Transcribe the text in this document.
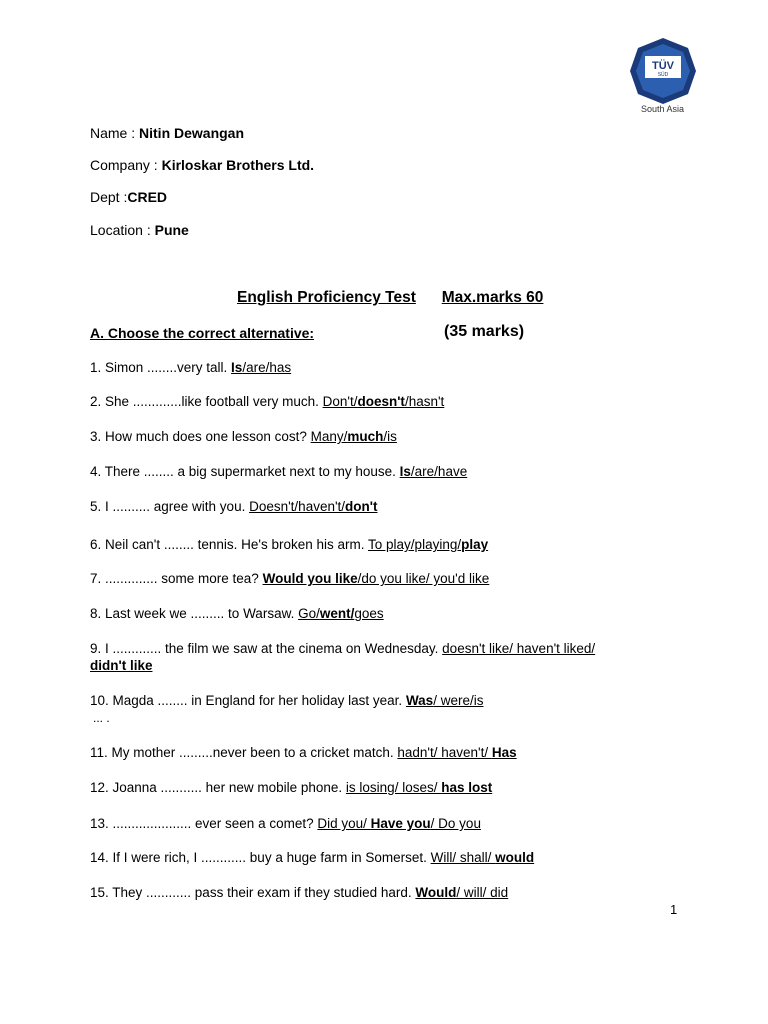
TÜV
SÜD
South Asia
Name : Nitin Dewangan
Company : Kirloskar Brothers Ltd.
Dept :CRED
Location : Pune
English Proficiency Test Max.marks 60
A. Choose the correct alternative:	(35 marks)
1. Simon ........very tall. Is/are/has
2. She .............like football very much. Don't/doesn't/hasn't
3. How much does one lesson cost? Many/much/is
4. There ........ a big supermarket next to my house. Is/are/have
5. I .......... agree with you. Doesn't/haven't/don't
6. Neil can't ........ tennis. He's broken his arm. To play/playing/play
7. .............. some more tea? Would you like/do you like/ you'd like
8. Last week we ......... to Warsaw. Go/went/goes
9. I ............. the film we saw at the cinema on Wednesday. doesn't like/ haven't liked/
didn't like
10. Magda ........ in England for her holiday last year. Was/ were/is
... .
11. My mother .........never been to a cricket match. hadn't/ haven't/ Has
12. Joanna ........... her new mobile phone. is losing/ loses/ has lost
13. ..................... ever seen a comet? Did you/ Have you/ Do you
14. If I were rich, I ............ buy a huge farm in Somerset. Will/ shall/ would
15. They ............ pass their exam if they studied hard. Would/ will/ did
1
